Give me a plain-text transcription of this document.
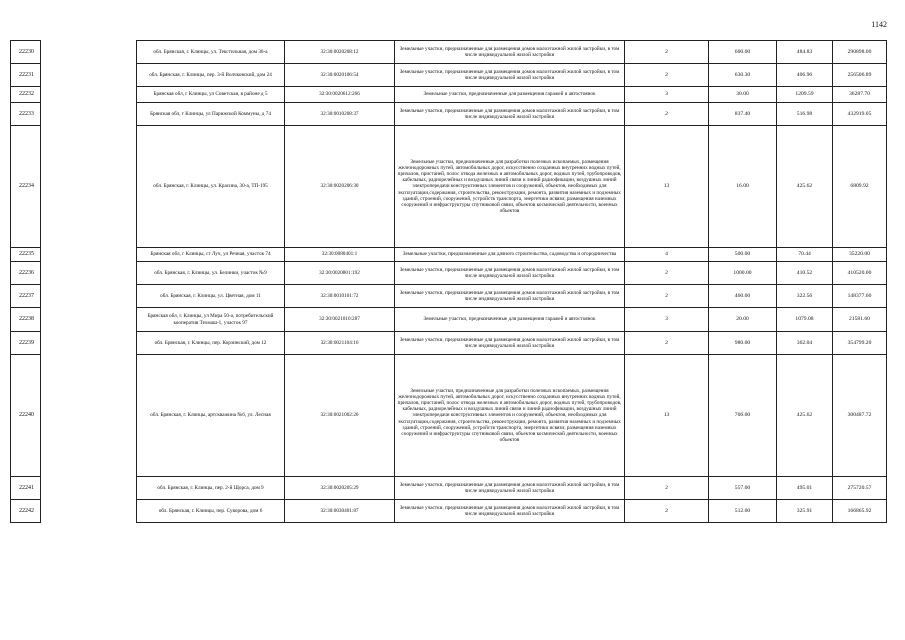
1142
22230		обл. Брянская, г. Клинцы, ул. Текстильная, дом 36-а	32:30:0020208:12	Земельные участки, предназначенные для размещения домов малоэтажной жилой застройки, в том числе индивидуальной жилой застройки	2	600.00	484.83	290898.00
22231		обл. Брянская, г. Клинцы, пер. 3-й Волчковский, дом 24	32:30:0020106:54	Земельные участки, предназначенные для размещения домов малоэтажной жилой застройки, в том числе индивидуальной жилой застройки	2	630.30	406.96	256506.89
22232		Брянская обл, г Клинцы, ул Советская, в районе д 5	32:30:0020612:266	Земельные участки, предназначенные для размещения гаражей и автостоянок	3	30.00	1209.59	36287.70
22233		Брянская обл, г Клинцы, ул Парижской Коммуны, д 74	32:30:0010208:37	Земельные участки, предназначенные для размещения домов малоэтажной жилой застройки, в том числе индивидуальной жилой застройки	2	837.40	516.98	432919.05
22234		обл. Брянская, г. Клинцы, ул. Красина, 30-а, ТП-195	32:30:0020206:30	Земельные участки, предназначенные для разработки полезных ископаемых, размещения железнодорожных путей, автомобильных дорог, искусственно созданных внутренних водных путей, причалов, пристаней, полос отвода железных и автомобильных дорог, водных путей, трубопроводов, кабельных, радиорелейных и воздушных линий связи и линий радиофикации, воздушных линий электропередачи конструктивных элементов и сооружений, объектов, необходимых для эксплуатации,содержания, строительства, реконструкции, ремонта, развития наземных и подземных зданий, строений, сооружений, устройств транспорта, энергетики исвязи; размещения наземных сооружений и инфраструктуры спутниковой связи, объектов космической деятельности, военных объектов	13	16.00	425.62	6809.92
22235		Брянская обл, г Клинцы, ст Луч, ул Речная, участок 74	32:30:0080401:1	Земельные участки, предназначенные для дачного строительства, садоводства и огородничества	4	500.00	70.44	35220.00
22236		обл. Брянская, г. Клинцы, ул. Белинки, участок №9	32:30:0020801:192	Земельные участки, предназначенные для размещения домов малоэтажной жилой застройки, в том числе индивидуальной жилой застройки	2	1000.00	410.52	410520.00
22237		обл. Брянская, г. Клинцы, ул. Цветная, дом 11	32:30:0010101:72	Земельные участки, предназначенные для размещения домов малоэтажной жилой застройки, в том числе индивидуальной жилой застройки	2	460.00	322.56	148377.60
22238		Брянская обл, г. Клинцы, ул Мира 50-а, потребительский кооператив Техмаш-1, участок 97	32:30:0021010:287	Земельные участки, предназначенные для размещения гаражей и автостоянок	3	20.00	1079.08	21581.60
22239		обл. Брянская, г. Клинцы, пер. Корзинский, дом 12	32:30:0021104:16	Земельные участки, предназначенные для размещения домов малоэтажной жилой застройки, в том числе индивидуальной жилой застройки	2	980.00	362.04	354799.20
22240		обл. Брянская, г. Клинцы, артскважина №6, ул. Лесная	32:30:0021002:20	Земельные участки, предназначенные для разработки полезных ископаемых, размещения железнодорожных путей, автомобильных дорог, искусственно созданных внутренних водных путей, причалов, пристаней, полос отвода железных и автомобильных дорог, водных путей, трубопроводов, кабельных, радиорелейных и воздушных линий связи и линий радиофикации, воздушных линий электропередачи конструктивных элементов и сооружений, объектов, необходимых для эксплуатации,содержания, строительства, реконструкции, ремонта, развития наземных и подземных зданий, строений, сооружений, устройств транспорта, энергетики исвязи; размещения наземных сооружений и инфраструктуры спутниковой связи, объектов космической деятельности, военных объектов	13	706.00	425.62	300487.72
22241		обл. Брянская, г. Клинцы, пер. 2-й Щорса, дом 9	32:30:0020205:29	Земельные участки, предназначенные для размещения домов малоэтажной жилой застройки, в том числе индивидуальной жилой застройки	2	557.00	495.01	275720.57
22242		обл. Брянская, г. Клинцы, пер. Суворова, дом 6	32:30:0030401:87	Земельные участки, предназначенные для размещения домов малоэтажной жилой застройки, в том числе индивидуальной жилой застройки	2	512.00	325.91	166865.92
